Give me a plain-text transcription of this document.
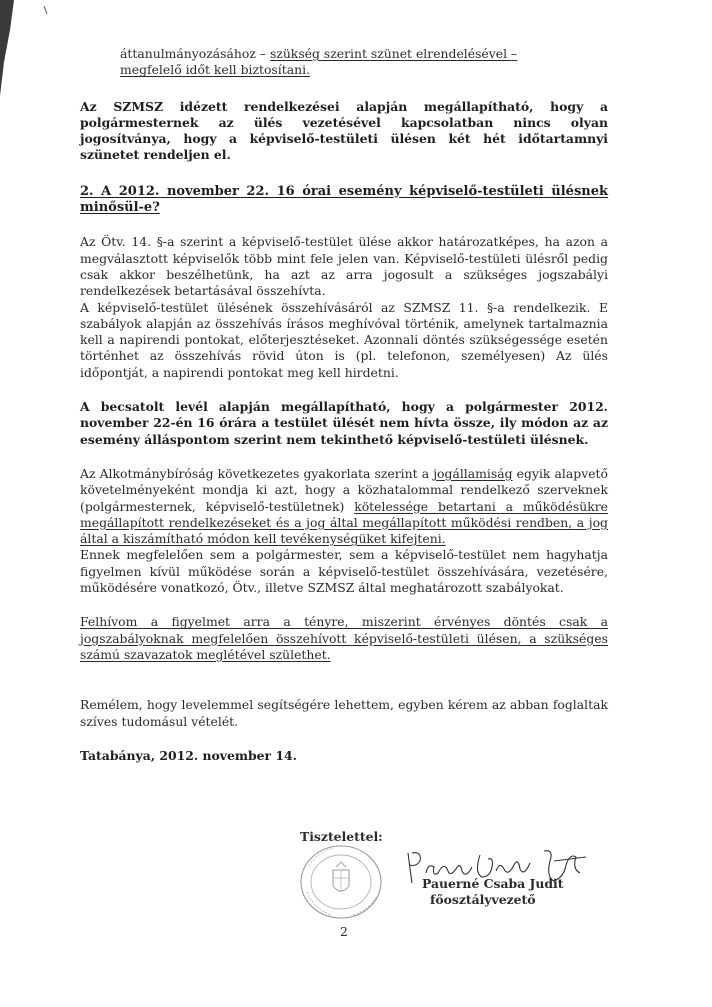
áttanulmányozásához – szükség szerint szünet elrendelésével –
megfelelő időt kell biztosítani.

Az SZMSZ idézett rendelkezései alapján megállapítható, hogy a polgármesternek az ülés vezetésével kapcsolatban nincs olyan jogosítványa, hogy a képviselő-testületi ülésen két hét időtartamnyi szünetet rendeljen el.

2. A 2012. november 22. 16 órai esemény képviselő-testületi ülésnek minősül-e?

Az Ötv. 14. §-a szerint a képviselő-testület ülése akkor határozatképes, ha azon a megválasztott képviselők több mint fele jelen van. Képviselő-testületi ülésről pedig csak akkor beszélhetünk, ha azt az arra jogosult a szükséges jogszabályi rendelkezések betartásával összehívta.

A képviselő-testület ülésének összehívásáról az SZMSZ 11. §-a rendelkezik. E szabályok alapján az összehívás írásos meghívóval történik, amelynek tartalmaznia kell a napirendi pontokat, előterjesztéseket. Azonnali döntés szükségessége esetén történhet az összehívás rövid úton is (pl. telefonon, személyesen) Az ülés időpontját, a napirendi pontokat meg kell hirdetni.

A becsatolt levél alapján megállapítható, hogy a polgármester 2012. november 22-én 16 órára a testület ülését nem hívta össze, ily módon az az esemény álláspontom szerint nem tekinthető képviselő-testületi ülésnek.

Az Alkotmánybíróság következetes gyakorlata szerint a jogállamiság egyik alapvető követelményeként mondja ki azt, hogy a közhatalommal rendelkező szerveknek (polgármesternek, képviselő-testületnek) kötelessége betartani a működésükre megállapított rendelkezéseket és a jog által megállapított működési rendben, a jog által a kiszámítható módon kell tevékenységüket kifejteni.

Ennek megfelelően sem a polgármester, sem a képviselő-testület nem hagyhatja figyelmen kívül működése során a képviselő-testület összehívására, vezetésére, működésére vonatkozó, Ötv., illetve SZMSZ által meghatározott szabályokat.

Felhívom a figyelmet arra a tényre, miszerint érvényes döntés csak a jogszabályoknak megfelelően összehívott képviselő-testületi ülésen, a szükséges számú szavazatok meglétével születhet.

Remélem, hogy levelemmel segítségére lehettem, egyben kérem az abban foglaltak szíves tudomásul vételét.

Tatabánya, 2012. november 14.

Tisztelettel:
Pauerné Csaba Judit
főosztályvezető
2
